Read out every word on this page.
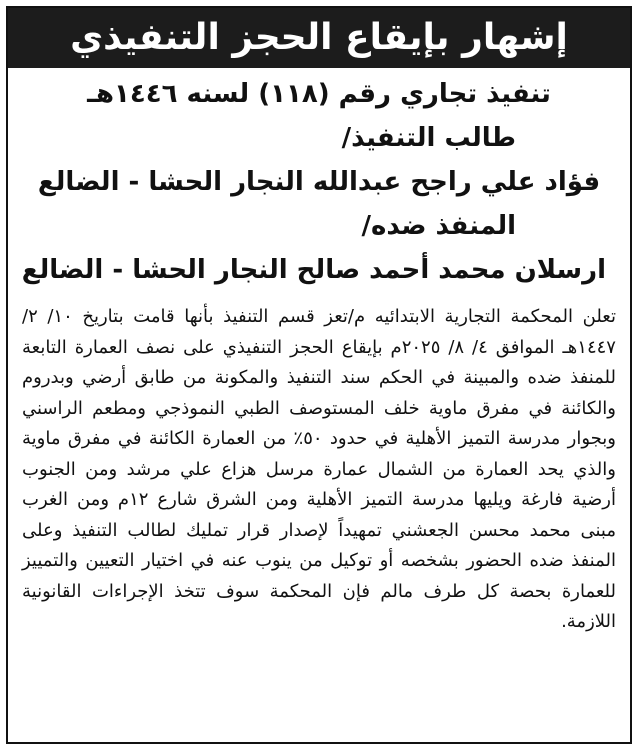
إشهار بإيقاع الحجز التنفيذي
تنفيذ تجاري رقم (١١٨) لسنه ١٤٤٦هـ
طالب التنفيذ/
فؤاد علي راجح عبدالله النجار الحشا - الضالع
المنفذ ضده/
ارسلان محمد أحمد صالح النجار الحشا - الضالع

تعلن المحكمة التجارية الابتدائيه م/تعز قسم التنفيذ بأنها قامت بتاريخ ١٠/ ٢/ ١٤٤٧هـ الموافق ٤/ ٨/ ٢٠٢٥م بإيقاع الحجز التنفيذي على نصف العمارة التابعة للمنفذ ضده والمبينة في الحكم سند التنفيذ والمكونة من طابق أرضي وبدروم والكائنة في مفرق ماوية خلف المستوصف الطبي النموذجي ومطعم الراسني وبجوار مدرسة التميز الأهلية في حدود ٥٠٪ من العمارة الكائنة في مفرق ماوية والذي يحد العمارة من الشمال عمارة مرسل هزاع علي مرشد ومن الجنوب أرضية فارغة ويليها مدرسة التميز الأهلية ومن الشرق شارع ١٢م ومن الغرب مبنى محمد محسن الجعشني تمهيداً لإصدار قرار تمليك لطالب التنفيذ وعلى المنفذ ضده الحضور بشخصه أو توكيل من ينوب عنه في اختيار التعيين والتمييز للعمارة بحصة كل طرف مالم فإن المحكمة سوف تتخذ الإجراءات القانونية اللازمة.
